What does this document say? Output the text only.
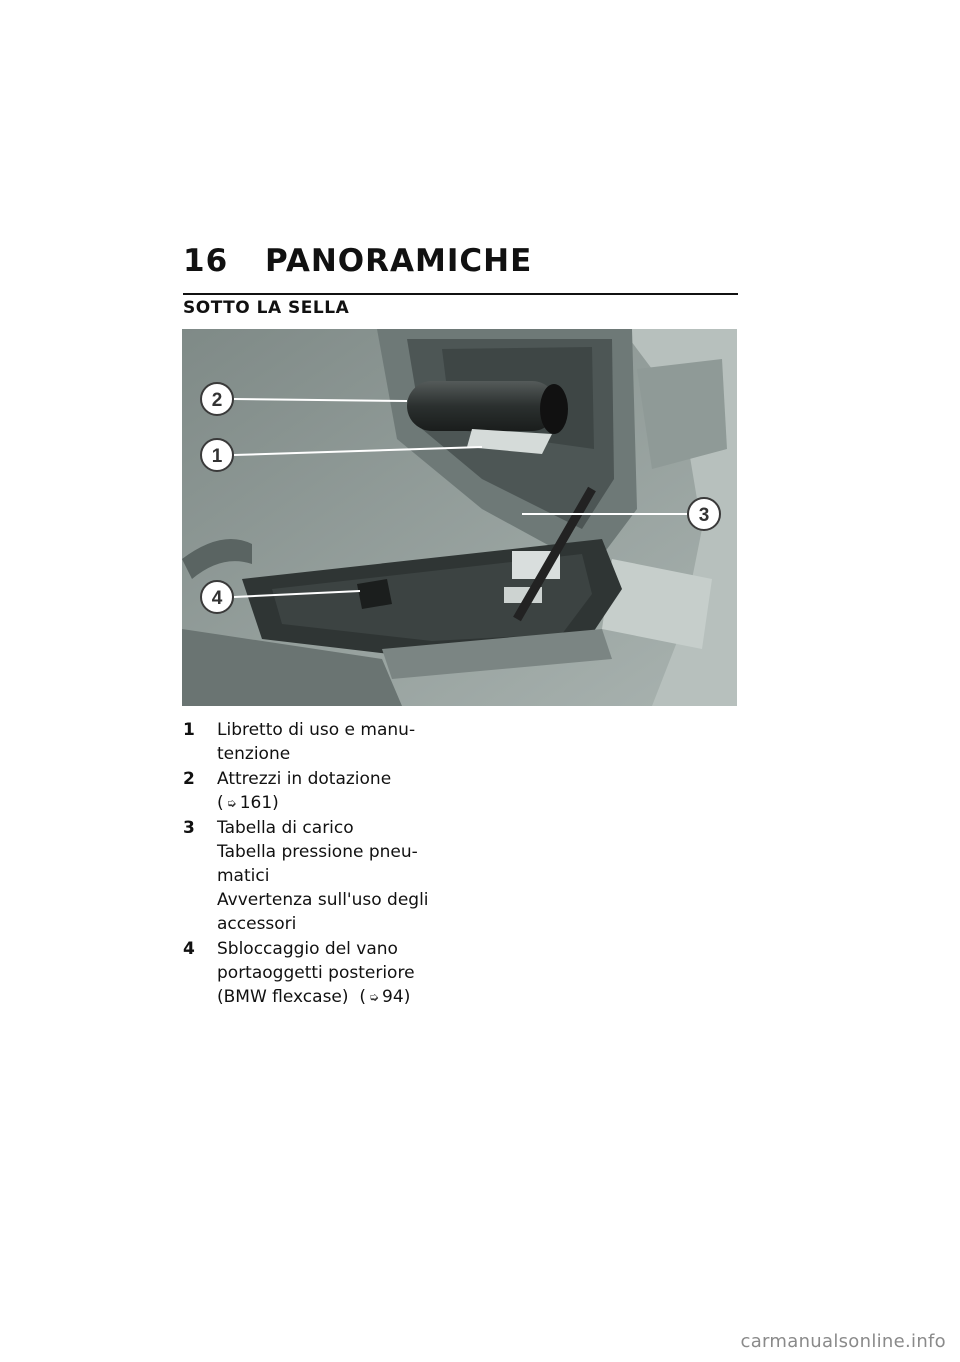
16 PANORAMICHE
SOTTO LA SELLA
2
1
3
4
1 Libretto di uso e manu-
tenzione
2 Attrezzi in dotazione
( ➭ 161)
3 Tabella di carico
Tabella pressione pneu-
matici
Avvertenza sull'uso degli
accessori
4 Sbloccaggio del vano
portaoggetti posteriore
(BMW flexcase)  ( ➭ 94)
carmanualsonline.info
